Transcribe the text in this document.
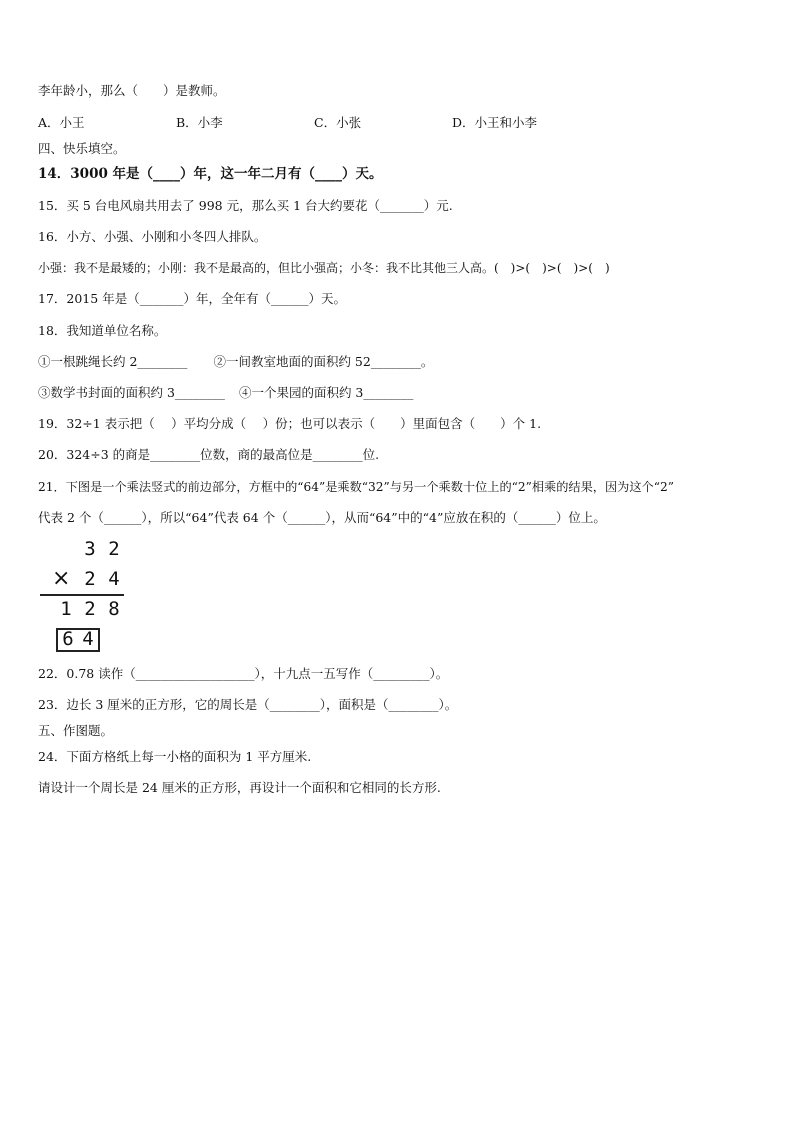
李年龄小，那么（　　）是教师。
A．小王	B．小李	C．小张	D．小王和小李
四、快乐填空。
14．3000 年是（____）年，这一年二月有（____）天。
15．买 5 台电风扇共用去了 998 元，那么买 1 台大约要花（_______）元.
16．小方、小强、小刚和小冬四人排队。
小强：我不是最矮的；小刚：我不是最高的，但比小强高；小冬：我不比其他三人高。(　)>(　)>(　)>(　)
17．2015 年是（_______）年，全年有（______）天。
18．我知道单位名称。
①一根跳绳长约 2________ ②一间教室地面的面积约 52________。
③数学书封面的面积约 3________ ④一个果园的面积约 3________
19．32÷1 表示把（　 ）平均分成（　 ）份；也可以表示（　　）里面包含（　　）个 1.
20．324÷3 的商是________位数，商的最高位是________位.
21．下图是一个乘法竖式的前边部分，方框中的“64”是乘数“32”与另一个乘数十位上的“2”相乘的结果，因为这个“2”
代表 2 个（______），所以“64”代表 64 个（______），从而“64”中的“4”应放在积的（______）位上。
3 2
× 2 4
1 2 8
6 4
22．0.78 读作（___________________），十九点一五写作（_________）。
23．边长 3 厘米的正方形，它的周长是（________），面积是（________）。
五、作图题。
24．下面方格纸上每一小格的面积为 1 平方厘米.
请设计一个周长是 24 厘米的正方形，再设计一个面积和它相同的长方形.
